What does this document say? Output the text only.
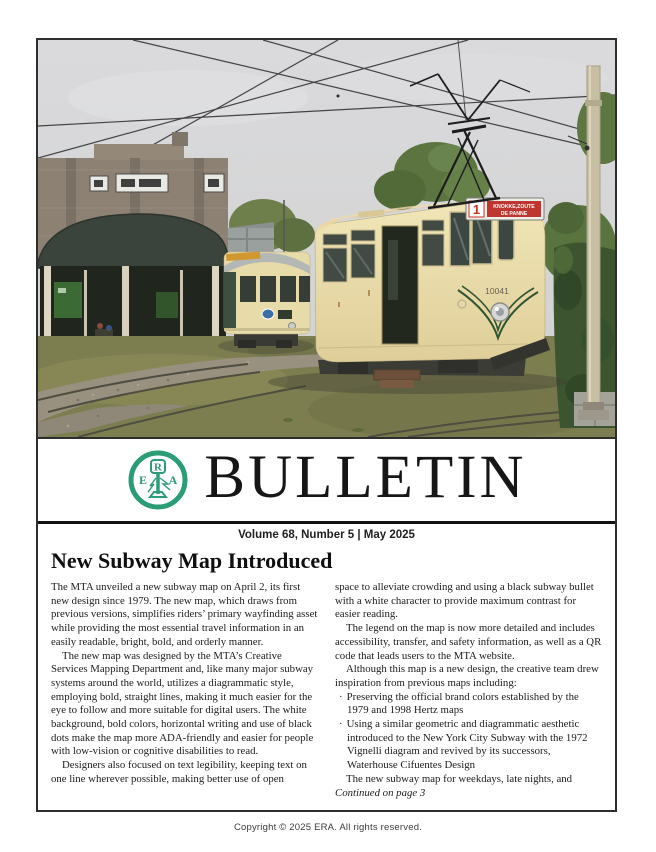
1	KNOKKE,ZOUTE
DE PANNE
10041
R
E A BULLETIN
Volume 68, Number 5 | May 2025
New Subway Map Introduced
The MTA unveiled a new subway map on April 2, its first new design since 1979. The new map, which draws from previous versions, simplifies riders’ primary wayfinding asset while providing the most essential travel information in an easily readable, bright, bold, and orderly manner.
The new map was designed by the MTA’s Creative Services Mapping Department and, like many major subway systems around the world, utilizes a diagrammatic style, employing bold, straight lines, making it much easier for the eye to follow and more suitable for digital users. The white background, bold colors, horizontal writing and use of black dots make the map more ADA-friendly and easier for people with low-vision or cognitive disabilities to read.
Designers also focused on text legibility, keeping text on one line wherever possible, making better use of open
space to alleviate crowding and using a black subway bullet with a white character to provide maximum contrast for easier reading.
The legend on the map is now more detailed and includes accessibility, transfer, and safety information, as well as a QR code that leads users to the MTA website.
Although this map is a new design, the creative team drew inspiration from previous maps including:
· Preserving the official brand colors established by the 1979 and 1998 Hertz maps
· Using a similar geometric and diagrammatic aesthetic introduced to the New York City Subway with the 1972 Vignelli diagram and revived by its successors, Waterhouse Cifuentes Design
The new subway map for weekdays, late nights, and
Continued on page 3
Copyright © 2025 ERA. All rights reserved.
